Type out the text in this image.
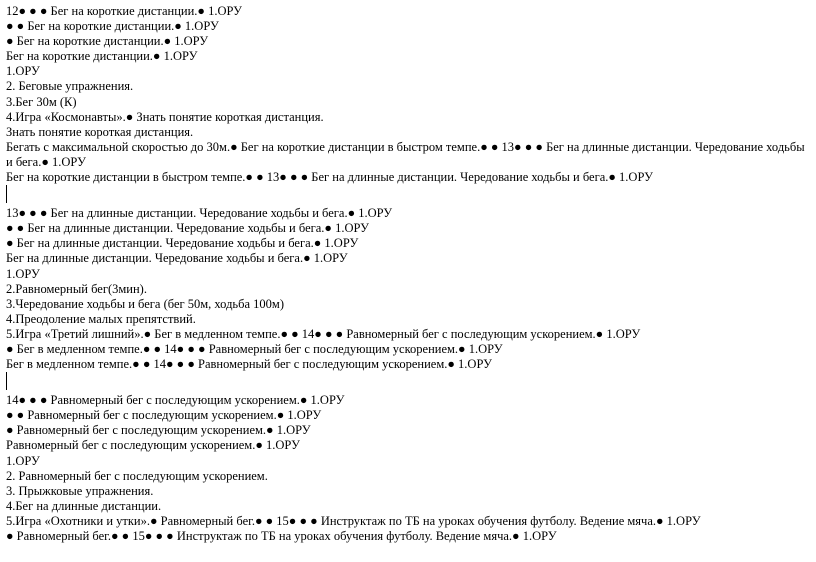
12● ● ● Бег на короткие дистанции.● 1.ОРУ
● ● Бег на короткие дистанции.● 1.ОРУ
● Бег на короткие дистанции.● 1.ОРУ
Бег на короткие дистанции.● 1.ОРУ
1.ОРУ
2. Беговые упражнения.
3.Бег 30м (К)
4.Игра «Космонавты».● Знать понятие короткая дистанция.
Знать понятие короткая дистанция.
Бегать с максимальной скоростью до 30м.● Бег на короткие дистанции в быстром темпе.● ● 13● ● ● Бег на длинные дистанции. Чередование ходьбы и бега.● 1.ОРУ
Бег на короткие дистанции в быстром темпе.● ● 13● ● ● Бег на длинные дистанции. Чередование ходьбы и бега.● 1.ОРУ
13● ● ● Бег на длинные дистанции. Чередование ходьбы и бега.● 1.ОРУ
● ● Бег на длинные дистанции. Чередование ходьбы и бега.● 1.ОРУ
● Бег на длинные дистанции. Чередование ходьбы и бега.● 1.ОРУ
Бег на длинные дистанции. Чередование ходьбы и бега.● 1.ОРУ
1.ОРУ
2.Равномерный бег(3мин).
3.Чередование ходьбы и бега (бег 50м, ходьба 100м)
4.Преодоление малых препятствий.
5.Игра «Третий лишний».● Бег в медленном темпе.● ● 14● ● ● Равномерный бег с последующим ускорением.● 1.ОРУ
● Бег в медленном темпе.● ● 14● ● ● Равномерный бег с последующим ускорением.● 1.ОРУ
Бег в медленном темпе.● ● 14● ● ● Равномерный бег с последующим ускорением.● 1.ОРУ
14● ● ● Равномерный бег с последующим ускорением.● 1.ОРУ
● ● Равномерный бег с последующим ускорением.● 1.ОРУ
● Равномерный бег с последующим ускорением.● 1.ОРУ
Равномерный бег с последующим ускорением.● 1.ОРУ
1.ОРУ
2. Равномерный бег с последующим ускорением.
3. Прыжковые упражнения.
4.Бег на длинные дистанции.
5.Игра «Охотники и утки».● Равномерный бег.● ● 15● ● ● Инструктаж по ТБ на уроках обучения футболу. Ведение мяча.● 1.ОРУ
● Равномерный бег.● ● 15● ● ● Инструктаж по ТБ на уроках обучения футболу. Ведение мяча.● 1.ОРУ
